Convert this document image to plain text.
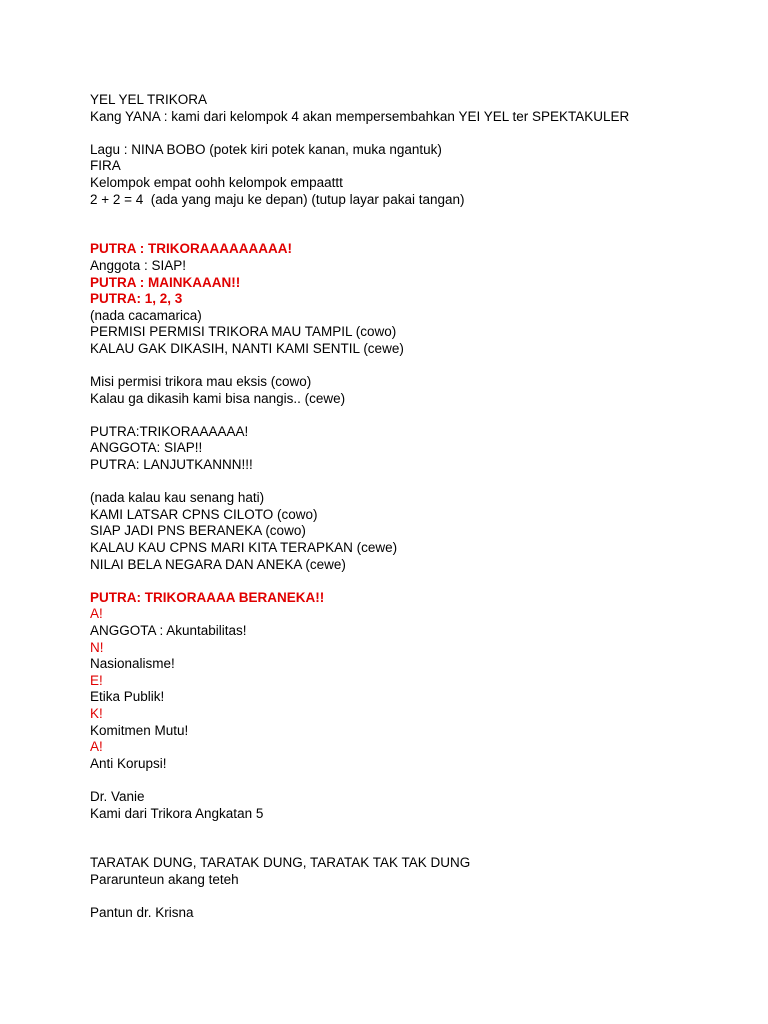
YEL YEL TRIKORA
Kang YANA : kami dari kelompok 4 akan mempersembahkan YEI YEL ter SPEKTAKULER
Lagu : NINA BOBO (potek kiri potek kanan, muka ngantuk)
FIRA
Kelompok empat oohh kelompok empaattt
2 + 2 = 4  (ada yang maju ke depan) (tutup layar pakai tangan)
PUTRA : TRIKORAAAAAAAAA!
Anggota : SIAP!
PUTRA : MAINKAAAN!!
PUTRA: 1, 2, 3
(nada cacamarica)
PERMISI PERMISI TRIKORA MAU TAMPIL (cowo)
KALAU GAK DIKASIH, NANTI KAMI SENTIL (cewe)
Misi permisi trikora mau eksis (cowo)
Kalau ga dikasih kami bisa nangis.. (cewe)
PUTRA:TRIKORAAAAAA!
ANGGOTA: SIAP!!
PUTRA: LANJUTKANNN!!!
(nada kalau kau senang hati)
KAMI LATSAR CPNS CILOTO (cowo)
SIAP JADI PNS BERANEKA (cowo)
KALAU KAU CPNS MARI KITA TERAPKAN (cewe)
NILAI BELA NEGARA DAN ANEKA (cewe)
PUTRA: TRIKORAAAA BERANEKA!!
A!
ANGGOTA : Akuntabilitas!
N!
Nasionalisme!
E!
Etika Publik!
K!
Komitmen Mutu!
A!
Anti Korupsi!
Dr. Vanie
Kami dari Trikora Angkatan 5
TARATAK DUNG, TARATAK DUNG, TARATAK TAK TAK DUNG
Pararunteun akang teteh
Pantun dr. Krisna
